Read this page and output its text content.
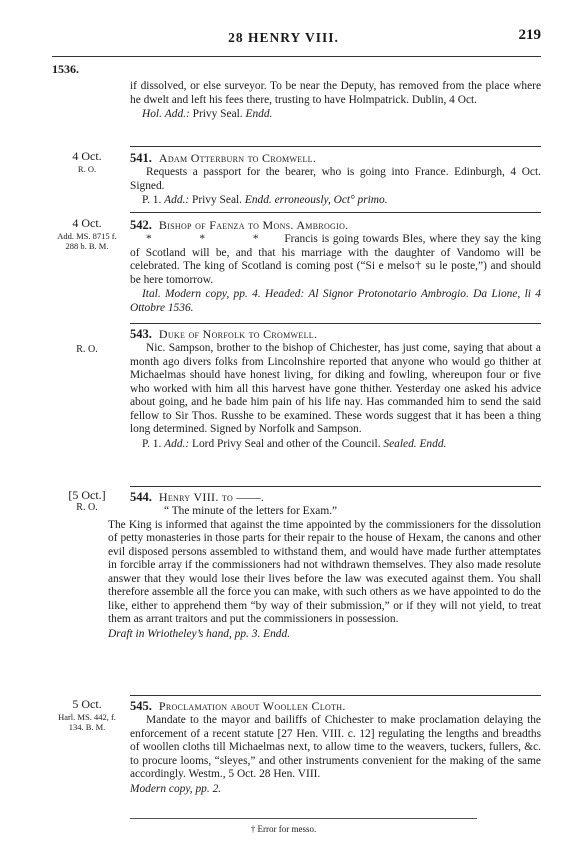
28 HENRY VIII.	219
1536.

if dissolved, or else surveyor. To be near the Deputy, has removed from the place where he dwelt and left his fees there, trusting to have Holmpatrick. Dublin, 4 Oct.

Hol. Add.: Privy Seal. Endd.

4 Oct.
R. O.
541. Adam Otterburn to Cromwell.

Requests a passport for the bearer, who is going into France. Edinburgh, 4 Oct. Signed.

P. 1. Add.: Privy Seal. Endd. erroneously, Oct° primo.

4 Oct.
Add. MS. 8715 f. 288 b. B. M.
542. Bishop of Faenza to Mons. Ambrogio.

* * * Francis is going towards Bles, where they say the king of Scotland will be, and that his marriage with the daughter of Vandomo will be celebrated. The king of Scotland is coming post (“Si e melso† su le poste,”) and should be here tomorrow.

Ital. Modern copy, pp. 4. Headed: Al Signor Protonotario Ambrogio. Da Lione, li 4 Ottobre 1536.

R. O.
543. Duke of Norfolk to Cromwell.

Nic. Sampson, brother to the bishop of Chichester, has just come, saying that about a month ago divers folks from Lincolnshire reported that anyone who would go thither at Michaelmas should have honest living, for diking and fowling, whereupon four or five who worked with him all this harvest have gone thither. Yesterday one asked his advice about going, and he bade him pain of his life nay. Has commanded him to send the said fellow to Sir Thos. Russhe to be examined. These words suggest that it has been a thing long determined. Signed by Norfolk and Sampson.

P. 1. Add.: Lord Privy Seal and other of the Council. Sealed. Endd.

[5 Oct.]
R. O.
544. Henry VIII. to ——.

“ The minute of the letters for Exam.”

The King is informed that against the time appointed by the commissioners for the dissolution of petty monasteries in those parts for their repair to the house of Hexam, the canons and other evil disposed persons assembled to withstand them, and would have made further attemptates in forcible array if the commissioners had not withdrawn themselves. They also made resolute answer that they would lose their lives before the law was executed against them. You shall therefore assemble all the force you can make, with such others as we have appointed to do the like, either to apprehend them “by way of their submission,” or if they will not yield, to treat them as arrant traitors and put the commissioners in possession.

Draft in Wriotheley’s hand, pp. 3. Endd.

5 Oct.
Harl. MS. 442, f. 134. B. M.
545. Proclamation about Woollen Cloth.

Mandate to the mayor and bailiffs of Chichester to make proclamation delaying the enforcement of a recent statute [27 Hen. VIII. c. 12] regulating the lengths and breadths of woollen cloths till Michaelmas next, to allow time to the weavers, tuckers, fullers, &c. to procure looms, “sleyes,” and other instruments convenient for the making of the same accordingly. Westm., 5 Oct. 28 Hen. VIII.

Modern copy, pp. 2.

† Error for messo.
